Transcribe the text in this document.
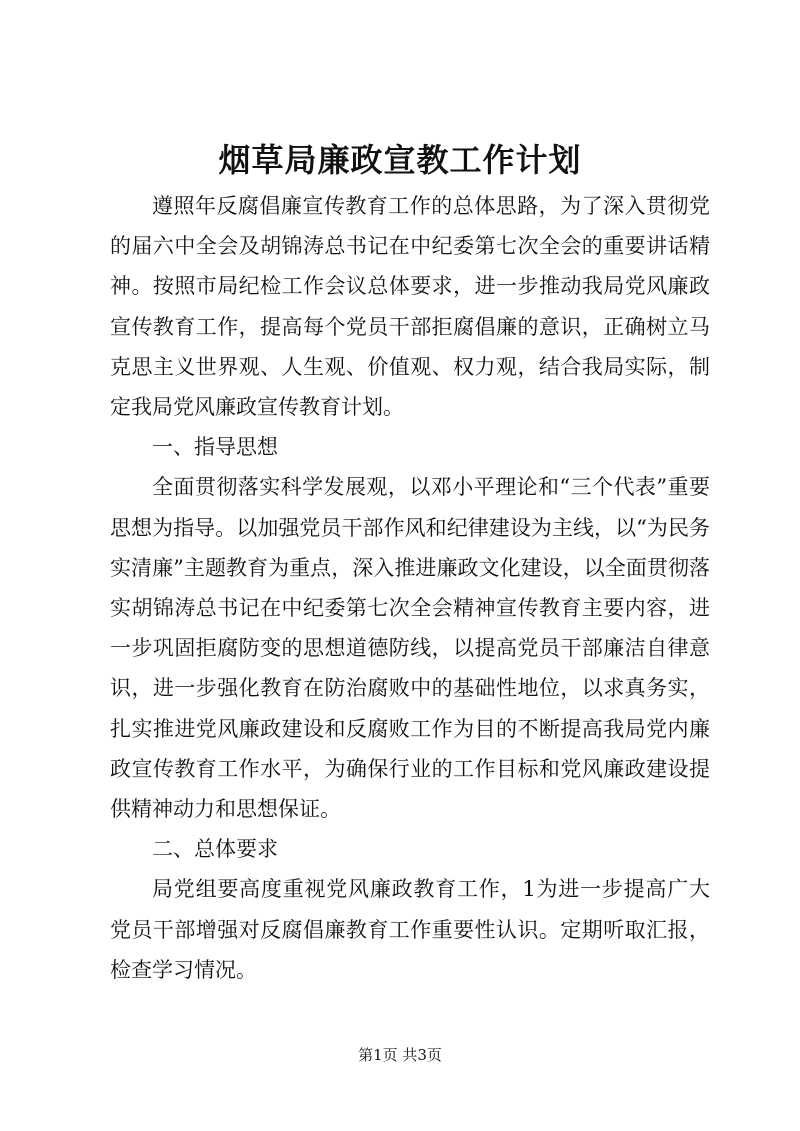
烟草局廉政宣教工作计划

遵照年反腐倡廉宣传教育工作的总体思路，为了深入贯彻党的届六中全会及胡锦涛总书记在中纪委第七次全会的重要讲话精神。按照市局纪检工作会议总体要求，进一步推动我局党风廉政宣传教育工作，提高每个党员干部拒腐倡廉的意识，正确树立马克思主义世界观、人生观、价值观、权力观，结合我局实际，制定我局党风廉政宣传教育计划。

一、指导思想

全面贯彻落实科学发展观，以邓小平理论和“三个代表”重要思想为指导。以加强党员干部作风和纪律建设为主线，以“为民务实清廉”主题教育为重点，深入推进廉政文化建设，以全面贯彻落实胡锦涛总书记在中纪委第七次全会精神宣传教育主要内容，进一步巩固拒腐防变的思想道德防线，以提高党员干部廉洁自律意识，进一步强化教育在防治腐败中的基础性地位，以求真务实，扎实推进党风廉政建设和反腐败工作为目的不断提高我局党内廉政宣传教育工作水平，为确保行业的工作目标和党风廉政建设提供精神动力和思想保证。

二、总体要求

局党组要高度重视党风廉政教育工作，1为进一步提高广大党员干部增强对反腐倡廉教育工作重要性认识。定期听取汇报，检查学习情况。

第1页 共3页
